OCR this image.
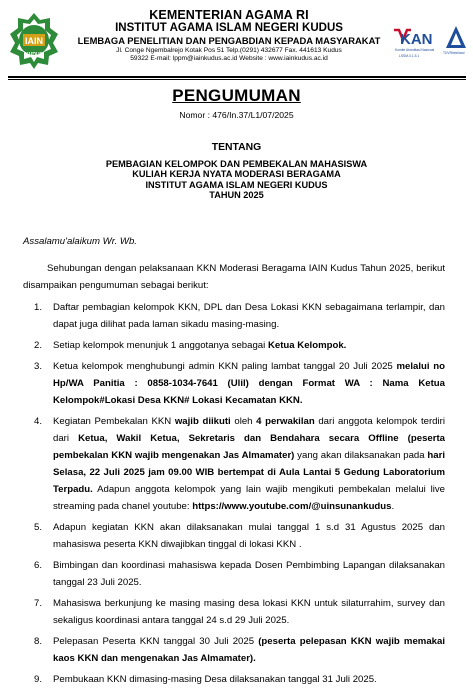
IAIN
KUDUS
KEMENTERIAN AGAMA RI
INSTITUT AGAMA ISLAM NEGERI KUDUS
LEMBAGA PENELITIAN DAN PENGABDIAN KEPADA MASYARAKAT
Jl. Conge Ngembalrejo Kotak Pos 51 Telp.(0291) 432677 Fax. 441613 Kudus
59322 E-mail: lppm@iainkudus.ac.id Website : www.iainkudus.ac.id
KAN
Komite Akreditasi Nasional
LSSM-0.1.5.1
TÜVRheinland
PENGUMUMAN
Nomor : 476/In.37/L1/07/2025
TENTANG
PEMBAGIAN KELOMPOK DAN PEMBEKALAN MAHASISWA
KULIAH KERJA NYATA MODERASI BERAGAMA
INSTITUT AGAMA ISLAM NEGERI KUDUS
TAHUN 2025
Assalamu'alaikum Wr. Wb.
Sehubungan dengan pelaksanaan KKN Moderasi Beragama IAIN Kudus Tahun 2025, berikut disampaikan pengumuman sebagai berikut:
1. Daftar pembagian kelompok KKN, DPL dan Desa Lokasi KKN sebagaimana terlampir, dan dapat juga dilihat pada laman sikadu masing-masing.
2. Setiap kelompok menunjuk 1 anggotanya sebagai Ketua Kelompok.
3. Ketua kelompok menghubungi admin KKN paling lambat tanggal 20 Juli 2025 melalui no Hp/WA Panitia : 0858-1034-7641 (Ulil) dengan Format WA : Nama Ketua Kelompok#Lokasi Desa KKN# Lokasi Kecamatan KKN.
4. Kegiatan Pembekalan KKN wajib diikuti oleh 4 perwakilan dari anggota kelompok terdiri dari Ketua, Wakil Ketua, Sekretaris dan Bendahara secara Offline (peserta pembekalan KKN wajib mengenakan Jas Almamater) yang akan dilaksanakan pada hari Selasa, 22 Juli 2025 jam 09.00 WIB bertempat di Aula Lantai 5 Gedung Laboratorium Terpadu. Adapun anggota kelompok yang lain wajib mengikuti pembekalan melalui live streaming pada chanel youtube: https://www.youtube.com/@uinsunankudus.
5. Adapun kegiatan KKN akan dilaksanakan mulai tanggal 1 s.d 31 Agustus 2025 dan mahasiswa peserta KKN diwajibkan tinggal di lokasi KKN .
6. Bimbingan dan koordinasi mahasiswa kepada Dosen Pembimbing Lapangan dilaksanakan tanggal 23 Juli 2025.
7. Mahasiswa berkunjung ke masing masing desa lokasi KKN untuk silaturrahim, survey dan sekaligus koordinasi antara tanggal 24 s.d 29 Juli 2025.
8. Pelepasan Peserta KKN tanggal 30 Juli 2025 (peserta pelepasan KKN wajib memakai kaos KKN dan mengenakan Jas Almamater).
9. Pembukaan KKN dimasing-masing Desa dilaksanakan tanggal 31 Juli 2025.
